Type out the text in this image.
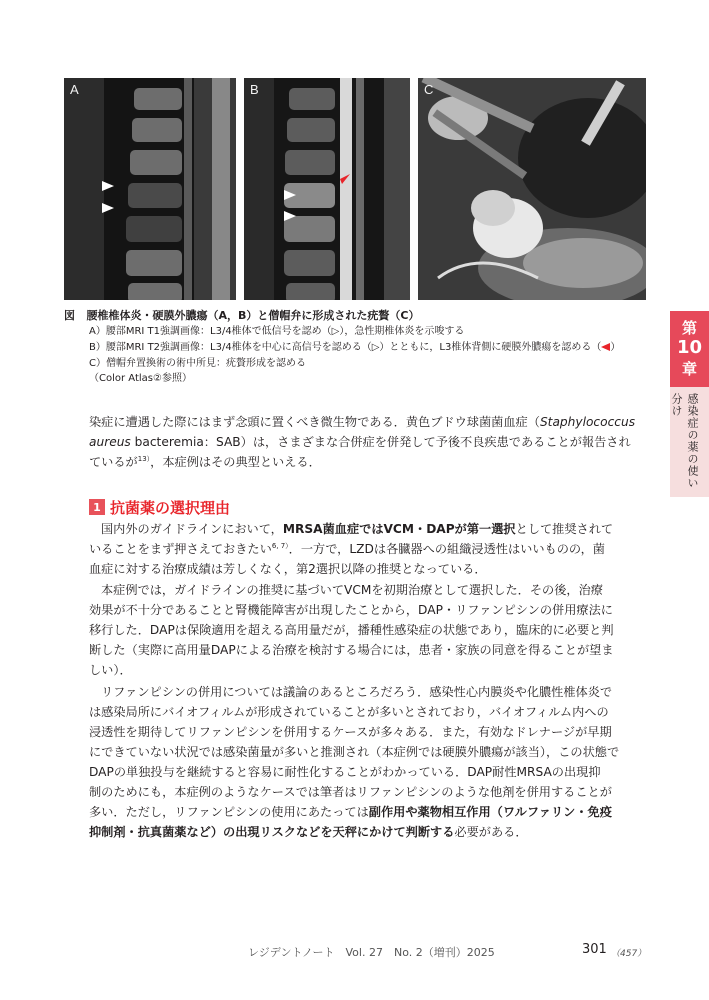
A	B	C
図 腰椎椎体炎・硬膜外膿瘍（A，B）と僧帽弁に形成された疣贅（C）
A）腰部MRI T1強調画像：L3/4椎体で低信号を認め（▷），急性期椎体炎を示唆する
B）腰部MRI T2強調画像：L3/4椎体を中心に高信号を認める（▷）とともに，L3椎体背側に硬膜外膿瘍を認める（ ）
C）僧帽弁置換術の術中所見：疣贅形成を認める
（Color Atlas②参照）
染症に遭遇した際にはまず念頭に置くべき微生物である．黄色ブドウ球菌菌血症（Staphylococcus
aureus bacteremia：SAB）は，さまざまな合併症を併発して予後不良疾患であることが報告され
ているが$^{13)}$，本症例はその典型といえる．
1 抗菌薬の選択理由
国内外のガイドラインにおいて，MRSA菌血症ではVCM・DAPが第一選択として推奨されて
いることをまず押さえておきたい$^{6, 7)}$．一方で，LZDは各臓器への組織浸透性はいいものの，菌
血症に対する治療成績は芳しくなく，第2選択以降の推奨となっている．
本症例では，ガイドラインの推奨に基づいてVCMを初期治療として選択した．その後，治療
効果が不十分であることと腎機能障害が出現したことから，DAP・リファンピシンの併用療法に
移行した．DAPは保険適用を超える高用量だが，播種性感染症の状態であり，臨床的に必要と判
断した（実際に高用量DAPによる治療を検討する場合には，患者・家族の同意を得ることが望ま
しい）．
リファンピシンの併用については議論のあるところだろう．感染性心内膜炎や化膿性椎体炎で
は感染局所にバイオフィルムが形成されていることが多いとされており，バイオフィルム内への
浸透性を期待してリファンピシンを併用するケースが多々ある．また，有効なドレナージが早期
にできていない状況では感染菌量が多いと推測され（本症例では硬膜外膿瘍が該当），この状態で
DAPの単独投与を継続すると容易に耐性化することがわかっている．DAP耐性MRSAの出現抑
制のためにも，本症例のようなケースでは筆者はリファンピシンのような他剤を併用することが
多い．ただし，リファンピシンの使用にあたっては副作用や薬物相互作用（ワルファリン・免疫
抑制剤・抗真菌薬など）の出現リスクなどを天秤にかけて判断する必要がある．
第
10
章
感染症の薬の使い分け
レジデントノート　Vol. 27　No. 2（増刊）2025	301 （457）
